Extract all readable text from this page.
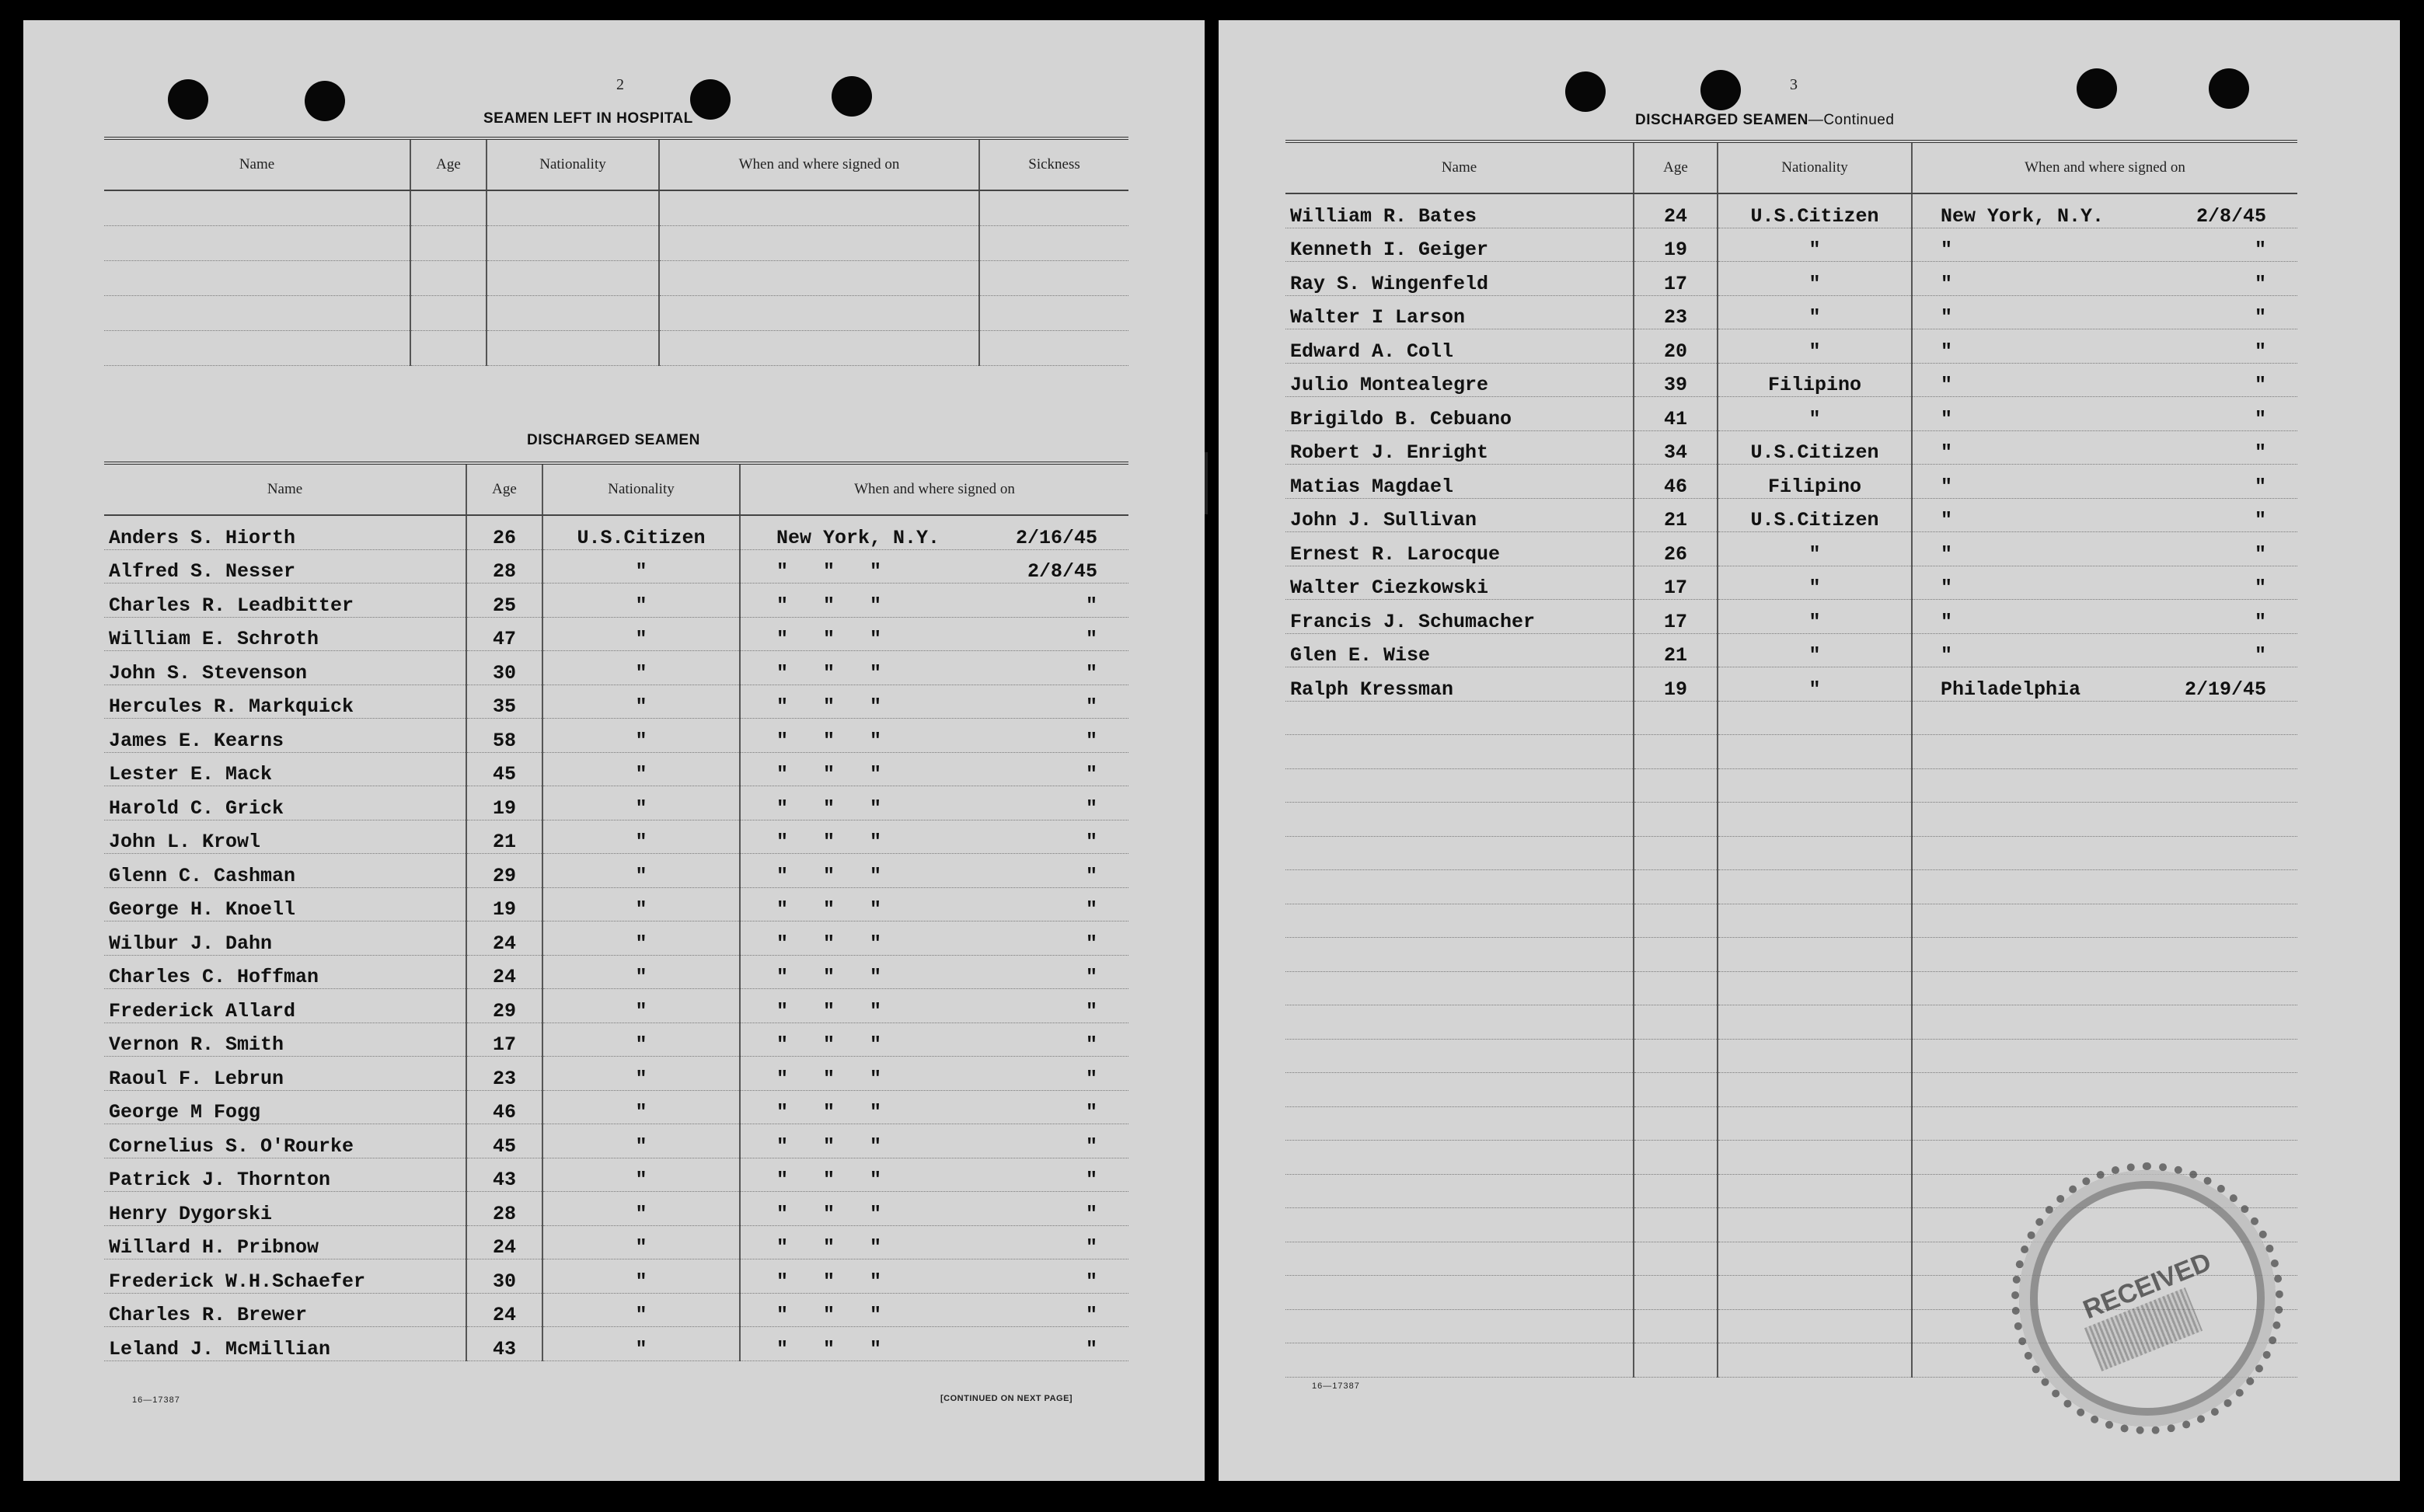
2
SEAMEN LEFT IN HOSPITAL
Name	Age	Nationality	When and where signed on	Sickness

DISCHARGED SEAMEN
Name	Age	Nationality	When and where signed on
Anders S. Hiorth	26	U.S.Citizen	New York, N.Y. 2/16/45

Alfred S. Nesser	28	"	"   "   " 2/8/45

Charles R. Leadbitter	25	"	"   "   " "

William E. Schroth	47	"	"   "   " "

John S. Stevenson	30	"	"   "   " "

Hercules R. Markquick	35	"	"   "   " "

James E. Kearns	58	"	"   "   " "

Lester E. Mack	45	"	"   "   " "

Harold C. Grick	19	"	"   "   " "

John L. Krowl	21	"	"   "   " "

Glenn C. Cashman	29	"	"   "   " "

George H. Knoell	19	"	"   "   " "

Wilbur J. Dahn	24	"	"   "   " "

Charles C. Hoffman	24	"	"   "   " "

Frederick Allard	29	"	"   "   " "

Vernon R. Smith	17	"	"   "   " "

Raoul F. Lebrun	23	"	"   "   " "

George M Fogg	46	"	"   "   " "

Cornelius S. O'Rourke	45	"	"   "   " "

Patrick J. Thornton	43	"	"   "   " "

Henry Dygorski	28	"	"   "   " "

Willard H. Pribnow	24	"	"   "   " "

Frederick W.H.Schaefer	30	"	"   "   " "

Charles R. Brewer	24	"	"   "   " "

Leland J. McMillian	43	"	"   "   " "
16—17387	[CONTINUED ON NEXT PAGE]
3
DISCHARGED SEAMEN—Continued
Name	Age	Nationality	When and where signed on
William R. Bates	24	U.S.Citizen	New York, N.Y. 2/8/45

Kenneth I. Geiger	19	"	" "

Ray S. Wingenfeld	17	"	" "

Walter I Larson	23	"	" "

Edward A. Coll	20	"	" "

Julio Montealegre	39	Filipino	" "

Brigildo B. Cebuano	41	"	" "

Robert J. Enright	34	U.S.Citizen	" "

Matias Magdael	46	Filipino	" "

John J. Sullivan	21	U.S.Citizen	" "

Ernest R. Larocque	26	"	" "

Walter Ciezkowski	17	"	" "

Francis J. Schumacher	17	"	" "

Glen E. Wise	21	"	" "

Ralph Kressman	19	"	Philadelphia 2/19/45

RECEIVED
16—17387
